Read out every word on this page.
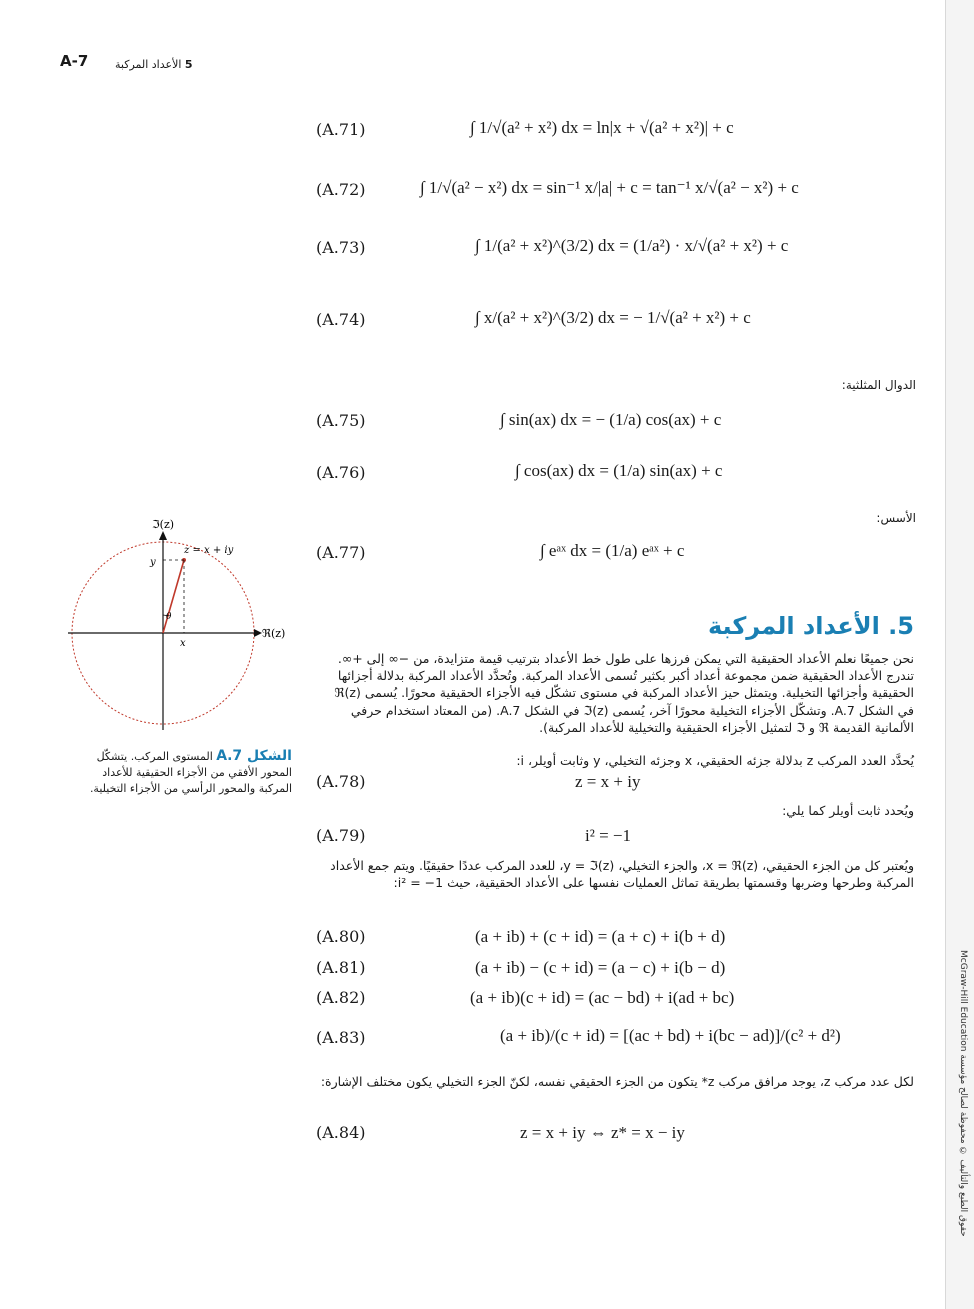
A-7	5 الأعداد المركبة
(A.71)	∫ 1/√(a² + x²) dx = ln|x + √(a² + x²)| + c
(A.72)	∫ 1/√(a² − x²) dx = sin⁻¹ x/|a| + c = tan⁻¹ x/√(a² − x²) + c
(A.73)	∫ 1/(a² + x²)^(3/2) dx = (1/a²) · x/√(a² + x²) + c
(A.74)	∫ x/(a² + x²)^(3/2) dx = − 1/√(a² + x²) + c
الدوال المثلثية:
(A.75)	∫ sin(ax) dx = − (1/a) cos(ax) + c
(A.76)	∫ cos(ax) dx = (1/a) sin(ax) + c
الأسس:
(A.77)	∫ eᵃˣ dx = (1/a) eᵃˣ + c
5. الأعداد المركبة
نحن جميعًا نعلم الأعداد الحقيقية التي يمكن فرزها على طول خط الأعداد بترتيب قيمة متزايدة، من −∞ إلى +∞. تندرج الأعداد الحقيقية ضمن مجموعة أعداد أكبر بكثير تُسمى الأعداد المركبة. وتُحدَّد الأعداد المركبة بدلالة أجزائها الحقيقية وأجزائها التخيلية. ويتمثل حيز الأعداد المركبة في مستوى تشكّل فيه الأجزاء الحقيقية محورًا. يُسمى ℜ(z) في الشكل A.7. وتشكّل الأجزاء التخيلية محورًا آخر، يُسمى ℑ(z) في الشكل A.7. (من المعتاد استخدام حرفي الألمانية القديمة ℜ و ℑ لتمثيل الأجزاء الحقيقية والتخيلية للأعداد المركبة).
يُحدَّد العدد المركب z بدلالة جزئه الحقيقي، x وجزئه التخيلي، y وثابت أويلر، i:
(A.78)	z = x + iy
ويُحدد ثابت أويلر كما يلي:
(A.79)	i² = −1
ويُعتبر كل من الجزء الحقيقي، x = ℜ(z)، والجزء التخيلي، y = ℑ(z)، للعدد المركب عددًا حقيقيًا. ويتم جمع الأعداد المركبة وطرحها وضربها وقسمتها بطريقة تماثل العمليات نفسها على الأعداد الحقيقية، حيث i² = −1:
(A.80)	(a + ib) + (c + id) = (a + c) + i(b + d)
(A.81)	(a + ib) − (c + id) = (a − c) + i(b − d)
(A.82)	(a + ib)(c + id) = (ac − bd) + i(ad + bc)
(A.83)	(a + ib)/(c + id) = [(ac + bd) + i(bc − ad)]/(c² + d²)
لكل عدد مركب z، يوجد مرافق مركب z* يتكون من الجزء الحقيقي نفسه، لكنّ الجزء التخيلي يكون مختلف الإشارة:
(A.84)	z = x + iy ⇔ z* = x − iy
ℑ(z)
ℜ(z)
z = x + iy
y
x
θ
الشكل 7.A المستوى المركب. يتشكّل المحور الأفقي من الأجزاء الحقيقية للأعداد المركبة والمحور الرأسي من الأجزاء التخيلية.
McGraw-Hill Education حقوق الطبع والتأليف © محفوظة لصالح مؤسسة
